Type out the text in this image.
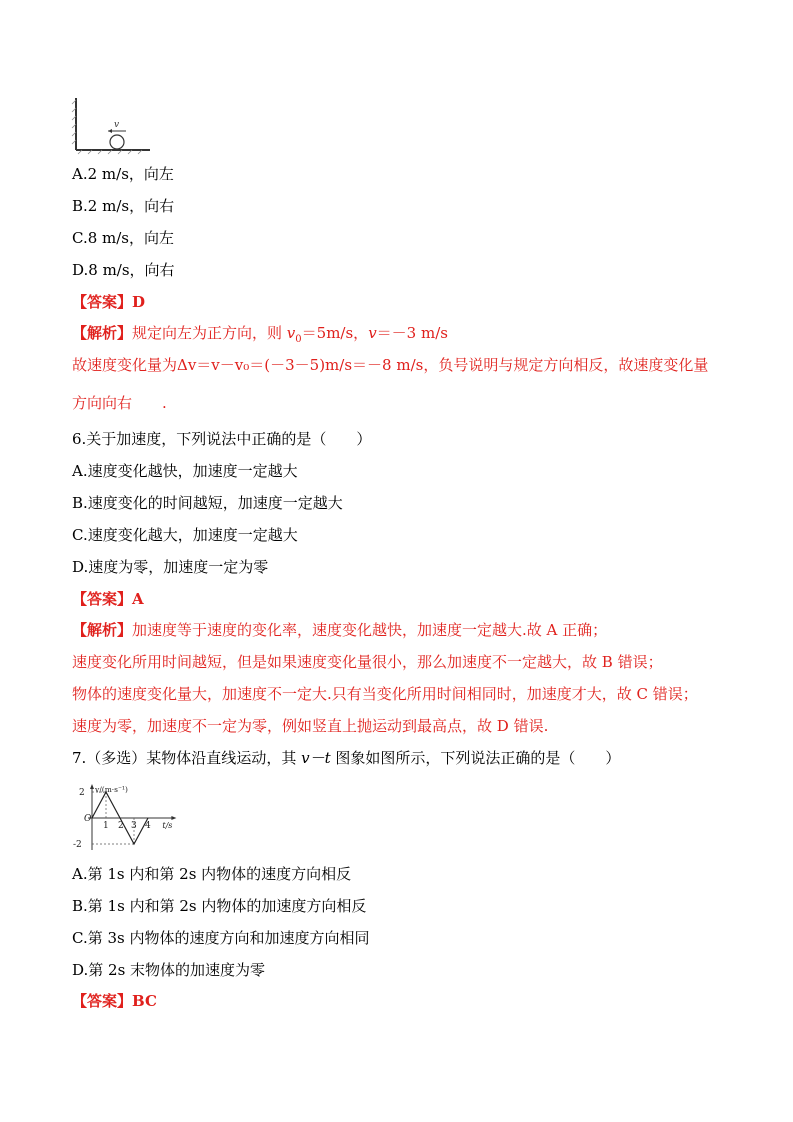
v
A.2 m/s，向左
B.2 m/s，向右
C.8 m/s，向左
D.8 m/s，向右
【答案】D
【解析】规定向左为正方向，则 $v_0=5m/s$，v＝－3 m/s
故速度变化量为Δv＝v－v₀＝(－3－5)m/s＝－8 m/s，负号说明与规定方向相反，故速度变化量
方向向右　　.
6.关于加速度，下列说法中正确的是（　　）
A.速度变化越快，加速度一定越大
B.速度变化的时间越短，加速度一定越大
C.速度变化越大，加速度一定越大
D.速度为零，加速度一定为零
【答案】A
【解析】加速度等于速度的变化率，速度变化越快，加速度一定越大.故 A 正确；
速度变化所用时间越短，但是如果速度变化量很小，那么加速度不一定越大，故 B 错误；
物体的速度变化量大，加速度不一定大.只有当变化所用时间相同时，加速度才大，故 C 错误；
速度为零，加速度不一定为零，例如竖直上抛运动到最高点，故 D 错误.
7.（多选）某物体沿直线运动，其 v－t 图象如图所示，下列说法正确的是（　　）
O
1 2 3 4
2
-2
v/(m·s⁻¹)
t/s
A.第 1s 内和第 2s 内物体的速度方向相反
B.第 1s 内和第 2s 内物体的加速度方向相反
C.第 3s 内物体的速度方向和加速度方向相同
D.第 2s 末物体的加速度为零
【答案】BC
